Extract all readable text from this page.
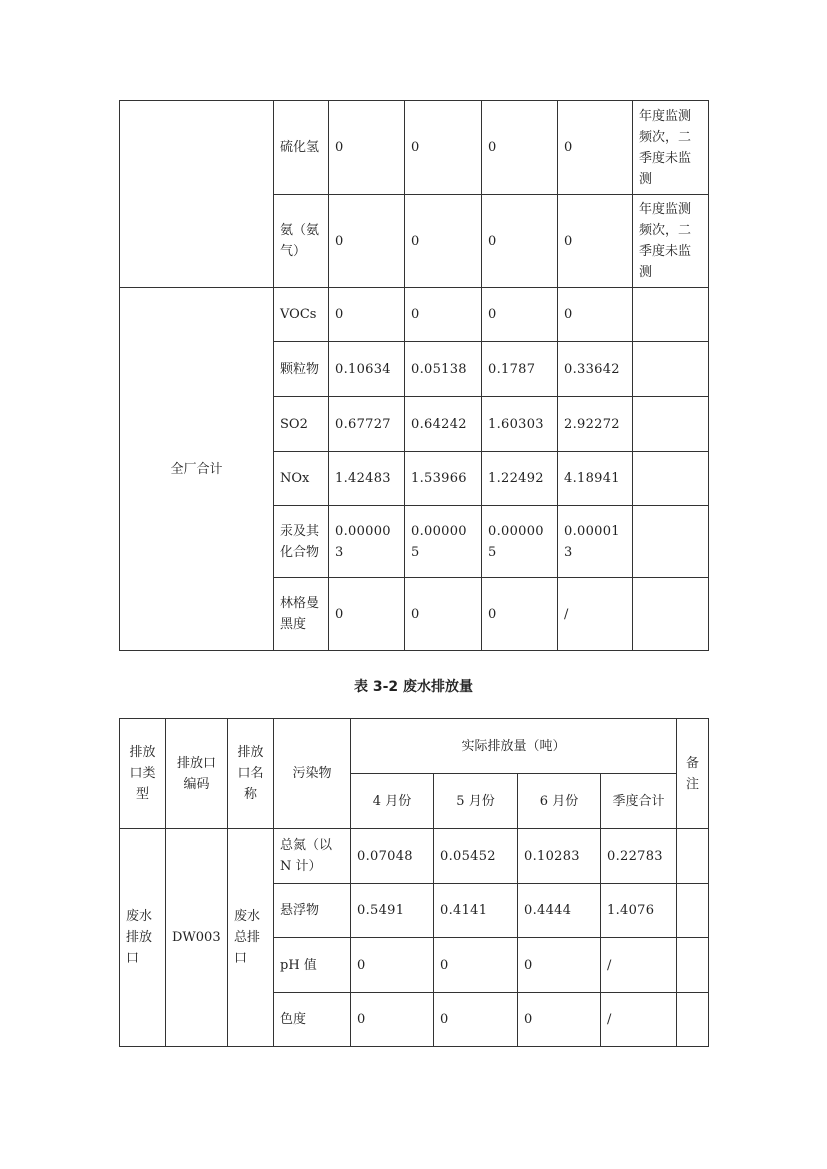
	硫化氢	0	0	0	0	年度监测频次，二季度未监测
	氨（氨气）	0	0	0	0	年度监测频次，二季度未监测
全厂合计	VOCs	0	0	0	0	
	颗粒物	0.10634	0.05138	0.1787	0.33642	
	SO2	0.67727	0.64242	1.60303	2.92272	
	NOx	1.42483	1.53966	1.22492	4.18941	
	汞及其化合物	0.000003	0.000005	0.000005	0.000013	
	林格曼黑度	0	0	0	/	
表 3-2 废水排放量
排放口类型	排放口编码	排放口名称	污染物	实际排放量（吨）				备注
				4 月份	5 月份	6 月份	季度合计	
废水排放口	DW003	废水总排口	总氮（以 N 计）	0.07048	0.05452	0.10283	0.22783	
			悬浮物	0.5491	0.4141	0.4444	1.4076	
			pH 值	0	0	0	/	
			色度	0	0	0	/	
